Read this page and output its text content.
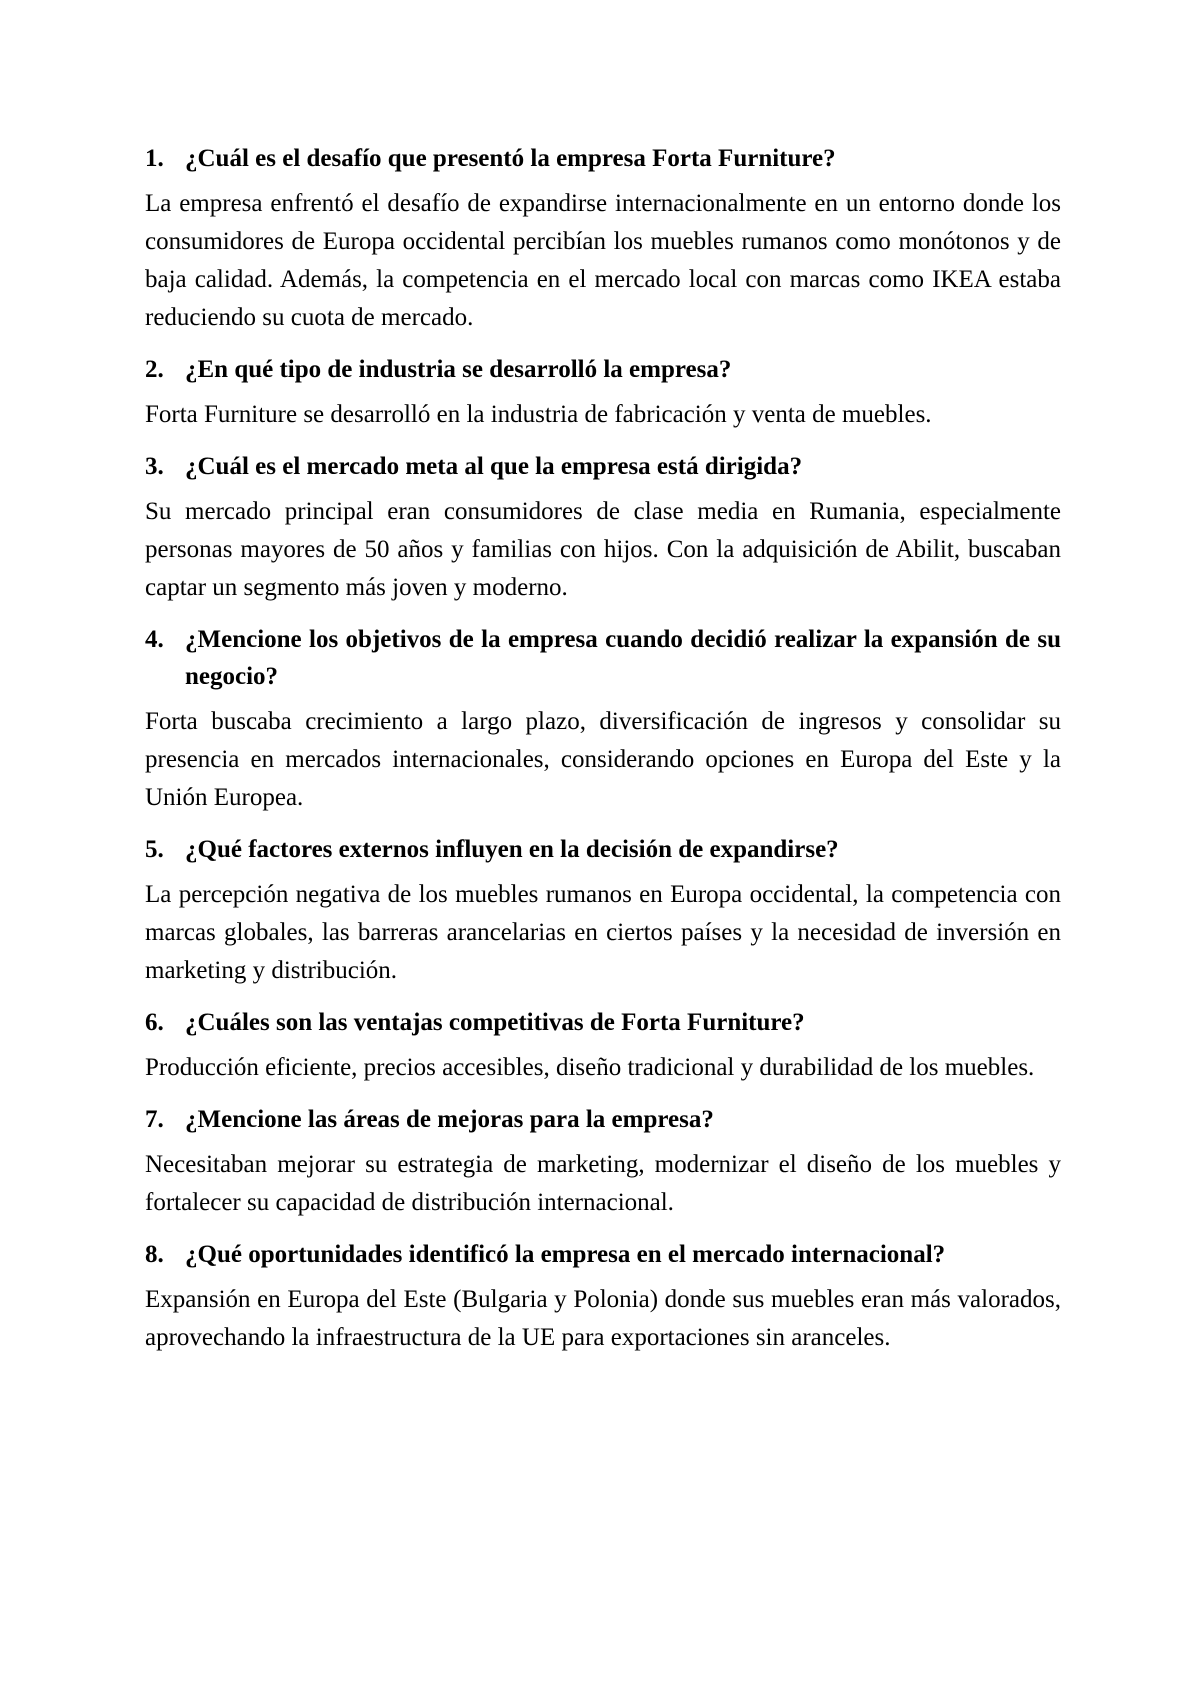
1. ¿Cuál es el desafío que presentó la empresa Forta Furniture?

La empresa enfrentó el desafío de expandirse internacionalmente en un entorno donde los consumidores de Europa occidental percibían los muebles rumanos como monótonos y de baja calidad. Además, la competencia en el mercado local con marcas como IKEA estaba reduciendo su cuota de mercado.

2. ¿En qué tipo de industria se desarrolló la empresa?

Forta Furniture se desarrolló en la industria de fabricación y venta de muebles.

3. ¿Cuál es el mercado meta al que la empresa está dirigida?

Su mercado principal eran consumidores de clase media en Rumania, especialmente personas mayores de 50 años y familias con hijos. Con la adquisición de Abilit, buscaban captar un segmento más joven y moderno.

4. ¿Mencione los objetivos de la empresa cuando decidió realizar la expansión de su negocio?

Forta buscaba crecimiento a largo plazo, diversificación de ingresos y consolidar su presencia en mercados internacionales, considerando opciones en Europa del Este y la Unión Europea.

5. ¿Qué factores externos influyen en la decisión de expandirse?

La percepción negativa de los muebles rumanos en Europa occidental, la competencia con marcas globales, las barreras arancelarias en ciertos países y la necesidad de inversión en marketing y distribución.

6. ¿Cuáles son las ventajas competitivas de Forta Furniture?

Producción eficiente, precios accesibles, diseño tradicional y durabilidad de los muebles.

7. ¿Mencione las áreas de mejoras para la empresa?

Necesitaban mejorar su estrategia de marketing, modernizar el diseño de los muebles y fortalecer su capacidad de distribución internacional.

8. ¿Qué oportunidades identificó la empresa en el mercado internacional?

Expansión en Europa del Este (Bulgaria y Polonia) donde sus muebles eran más valorados, aprovechando la infraestructura de la UE para exportaciones sin aranceles.
